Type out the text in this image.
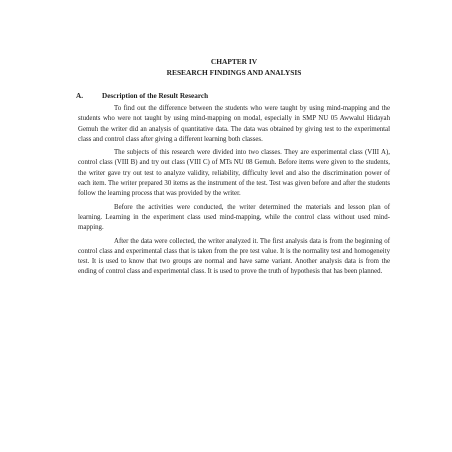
CHAPTER IV

RESEARCH FINDINGS AND ANALYSIS

A.	Description of the Result Research

To find out the difference between the students who were taught by using mind-mapping and the students who were not taught by using mind-mapping on modal, especially in SMP NU 05 Awwalul Hidayah Gemuh the writer did an analysis of quantitative data. The data was obtained by giving test to the experimental class and control class after giving a different learning both classes.

The subjects of this research were divided into two classes. They are experimental class (VIII A), control class (VIII B) and try out class (VIII C) of MTs NU 08 Gemuh. Before items were given to the students, the writer gave try out test to analyze validity, reliability, difficulty level and also the discrimination power of each item. The writer prepared 30 items as the instrument of the test. Test was given before and after the students follow the learning process that was provided by the writer.

Before the activities were conducted, the writer determined the materials and lesson plan of learning. Learning in the experiment class used mind-mapping, while the control class without used mind-mapping.

After the data were collected, the writer analyzed it. The first analysis data is from the beginning of control class and experimental class that is taken from the pre test value. It is the normality test and homogeneity test. It is used to know that two groups are normal and have same variant. Another analysis data is from the ending of control class and experimental class. It is used to prove the truth of hypothesis that has been planned.
